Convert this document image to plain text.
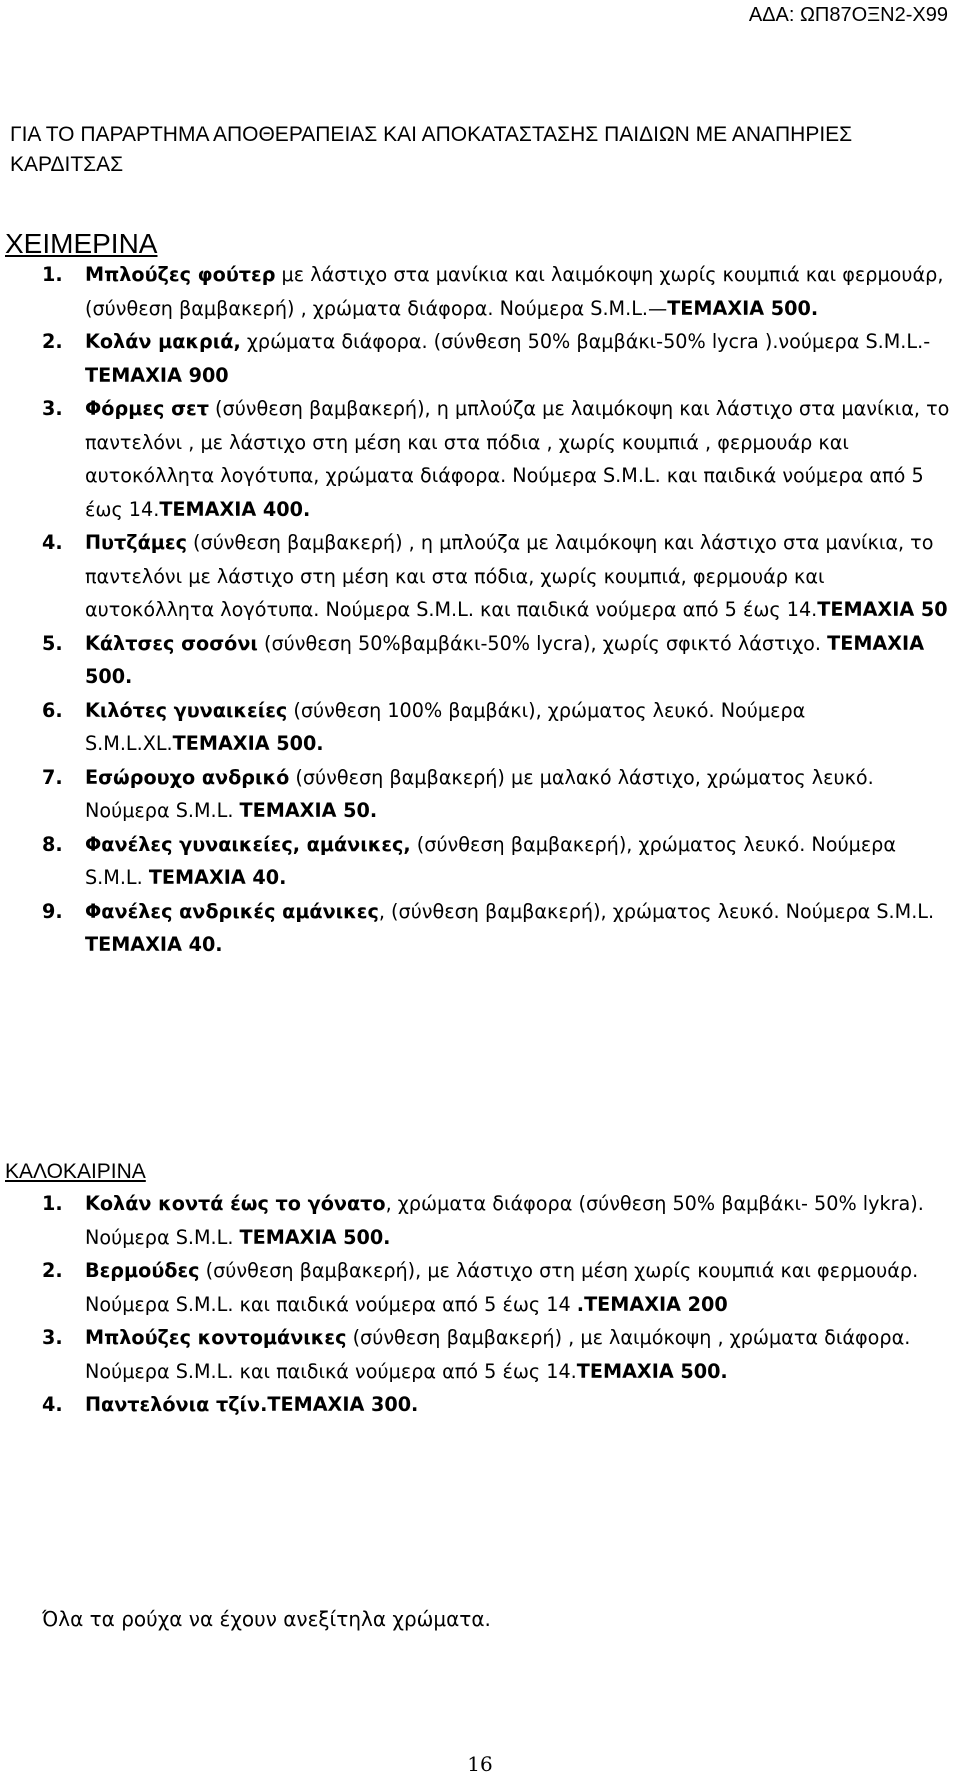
ΑΔΑ: ΩΠ87ΟΞΝ2-Χ99
ΓΙΑ ΤΟ ΠΑΡΑΡΤΗΜΑ ΑΠΟΘΕΡΑΠΕΙΑΣ ΚΑΙ ΑΠΟΚΑΤΑΣΤΑΣΗΣ ΠΑΙΔΙΩΝ ΜΕ ΑΝΑΠΗΡΙΕΣ ΚΑΡΔΙΤΣΑΣ
ΧΕΙΜΕΡΙΝΑ
1. Μπλούζες φούτερ με λάστιχο στα μανίκια και λαιμόκοψη χωρίς κουμπιά και φερμουάρ, (σύνθεση βαμβακερή) , χρώματα διάφορα. Νούμερα S.M.L.—ΤΕΜΑΧΙΑ 500.
2. Κολάν μακριά, χρώματα διάφορα. (σύνθεση 50% βαμβάκι-50% lycra ).νούμερα S.M.L.-ΤΕΜΑΧΙΑ 900
3. Φόρμες σετ (σύνθεση βαμβακερή), η μπλούζα με λαιμόκοψη και λάστιχο στα μανίκια, το παντελόνι , με λάστιχο στη μέση και στα πόδια , χωρίς κουμπιά , φερμουάρ και αυτοκόλλητα λογότυπα, χρώματα διάφορα. Νούμερα S.M.L. και παιδικά νούμερα από 5 έως 14.ΤΕΜΑΧΙΑ 400.
4. Πυτζάμες (σύνθεση βαμβακερή) , η μπλούζα με λαιμόκοψη και λάστιχο στα μανίκια, το παντελόνι με λάστιχο στη μέση και στα πόδια, χωρίς κουμπιά, φερμουάρ και αυτοκόλλητα λογότυπα. Νούμερα S.M.L. και παιδικά νούμερα από 5 έως 14.ΤΕΜΑΧΙΑ 50
5. Κάλτσες σοσόνι (σύνθεση 50%βαμβάκι-50% lycra), χωρίς σφικτό λάστιχο. ΤΕΜΑΧΙΑ 500.
6. Κιλότες γυναικείες (σύνθεση 100% βαμβάκι), χρώματος λευκό. Νούμερα S.M.L.XL.ΤΕΜΑΧΙΑ 500.
7. Εσώρουχο ανδρικό (σύνθεση βαμβακερή) με μαλακό λάστιχο, χρώματος λευκό. Νούμερα S.M.L. ΤΕΜΑΧΙΑ 50.
8. Φανέλες γυναικείες, αμάνικες, (σύνθεση βαμβακερή), χρώματος λευκό. Νούμερα S.M.L. ΤΕΜΑΧΙΑ 40.
9. Φανέλες ανδρικές αμάνικες, (σύνθεση βαμβακερή), χρώματος λευκό. Νούμερα S.M.L. ΤΕΜΑΧΙΑ 40.
ΚΑΛΟΚΑΙΡΙΝΑ
1. Κολάν κοντά έως το γόνατο, χρώματα διάφορα (σύνθεση 50% βαμβάκι- 50% lykra). Νούμερα S.M.L. ΤΕΜΑΧΙΑ 500.
2. Βερμούδες (σύνθεση βαμβακερή), με λάστιχο στη μέση χωρίς κουμπιά και φερμουάρ. Νούμερα S.M.L. και παιδικά νούμερα από 5 έως 14 .ΤΕΜΑΧΙΑ 200
3. Μπλούζες κοντομάνικες (σύνθεση βαμβακερή) , με λαιμόκοψη , χρώματα διάφορα. Νούμερα S.M.L. και παιδικά νούμερα από 5 έως 14.ΤΕΜΑΧΙΑ 500.
4. Παντελόνια τζίν.ΤΕΜΑΧΙΑ 300.
Όλα τα ρούχα να έχουν ανεξίτηλα χρώματα.
16
